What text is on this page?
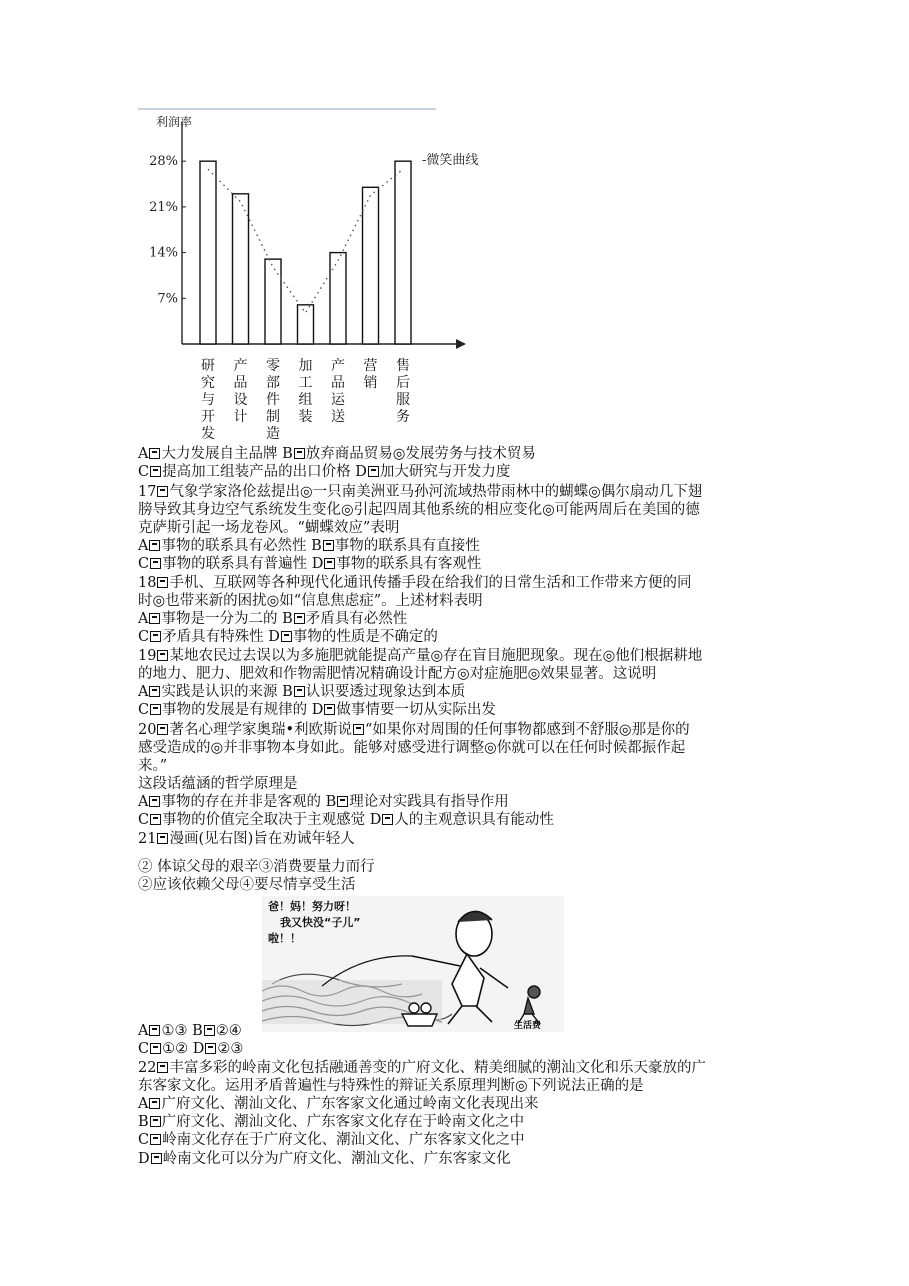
利润率
28%
21%
14%
7%
-微笑曲线
研究与开发
产品设计
零部件制造
加工组装
产品运送
营销
售后服务
A 大力发展自主品牌 B 放弃商品贸易◎发展劳务与技术贸易
C 提高加工组装产品的出口价格 D 加大研究与开发力度
17 气象学家洛伦兹提出◎一只南美洲亚马孙河流域热带雨林中的蝴蝶◎偶尔扇动几下翅
膀导致其身边空气系统发生变化◎引起四周其他系统的相应变化◎可能两周后在美国的德
克萨斯引起一场龙卷风。“蝴蝶效应”表明
A 事物的联系具有必然性 B 事物的联系具有直接性
C 事物的联系具有普遍性 D 事物的联系具有客观性
18 手机、互联网等各种现代化通讯传播手段在给我们的日常生活和工作带来方便的同
时◎也带来新的困扰◎如“信息焦虑症”。上述材料表明
A 事物是一分为二的 B 矛盾具有必然性
C 矛盾具有特殊性 D 事物的性质是不确定的
19 某地农民过去误以为多施肥就能提高产量◎存在盲目施肥现象。现在◎他们根据耕地
的地力、肥力、肥效和作物需肥情况精确设计配方◎对症施肥◎效果显著。这说明
A 实践是认识的来源 B 认识要透过现象达到本质
C 事物的发展是有规律的 D 做事情要一切从实际出发
20 著名心理学家奥瑞•利欧斯说 “如果你对周围的任何事物都感到不舒服◎那是你的
感受造成的◎并非事物本身如此。能够对感受进行调整◎你就可以在任何时候都振作起
来。”
这段话蕴涵的哲学原理是
A 事物的存在并非是客观的 B 理论对实践具有指导作用
C 事物的价值完全取决于主观感觉 D 人的主观意识具有能动性
21 漫画(见右图)旨在劝诫年轻人
② 体谅父母的艰辛③消费要量力而行
②应该依赖父母④要尽情享受生活
A ①③ B ②④
C ①② D ②③
22 丰富多彩的岭南文化包括融通善变的广府文化、精美细腻的潮汕文化和乐天豪放的广
东客家文化。运用矛盾普遍性与特殊性的辩证关系原理判断◎下列说法正确的是
A 广府文化、潮汕文化、广东客家文化通过岭南文化表现出来
B 广府文化、潮汕文化、广东客家文化存在于岭南文化之中
C 岭南文化存在于广府文化、潮汕文化、广东客家文化之中
D 岭南文化可以分为广府文化、潮汕文化、广东客家文化
爸！妈！努力呀！
我又快没“子儿”
啦！！
生活费
